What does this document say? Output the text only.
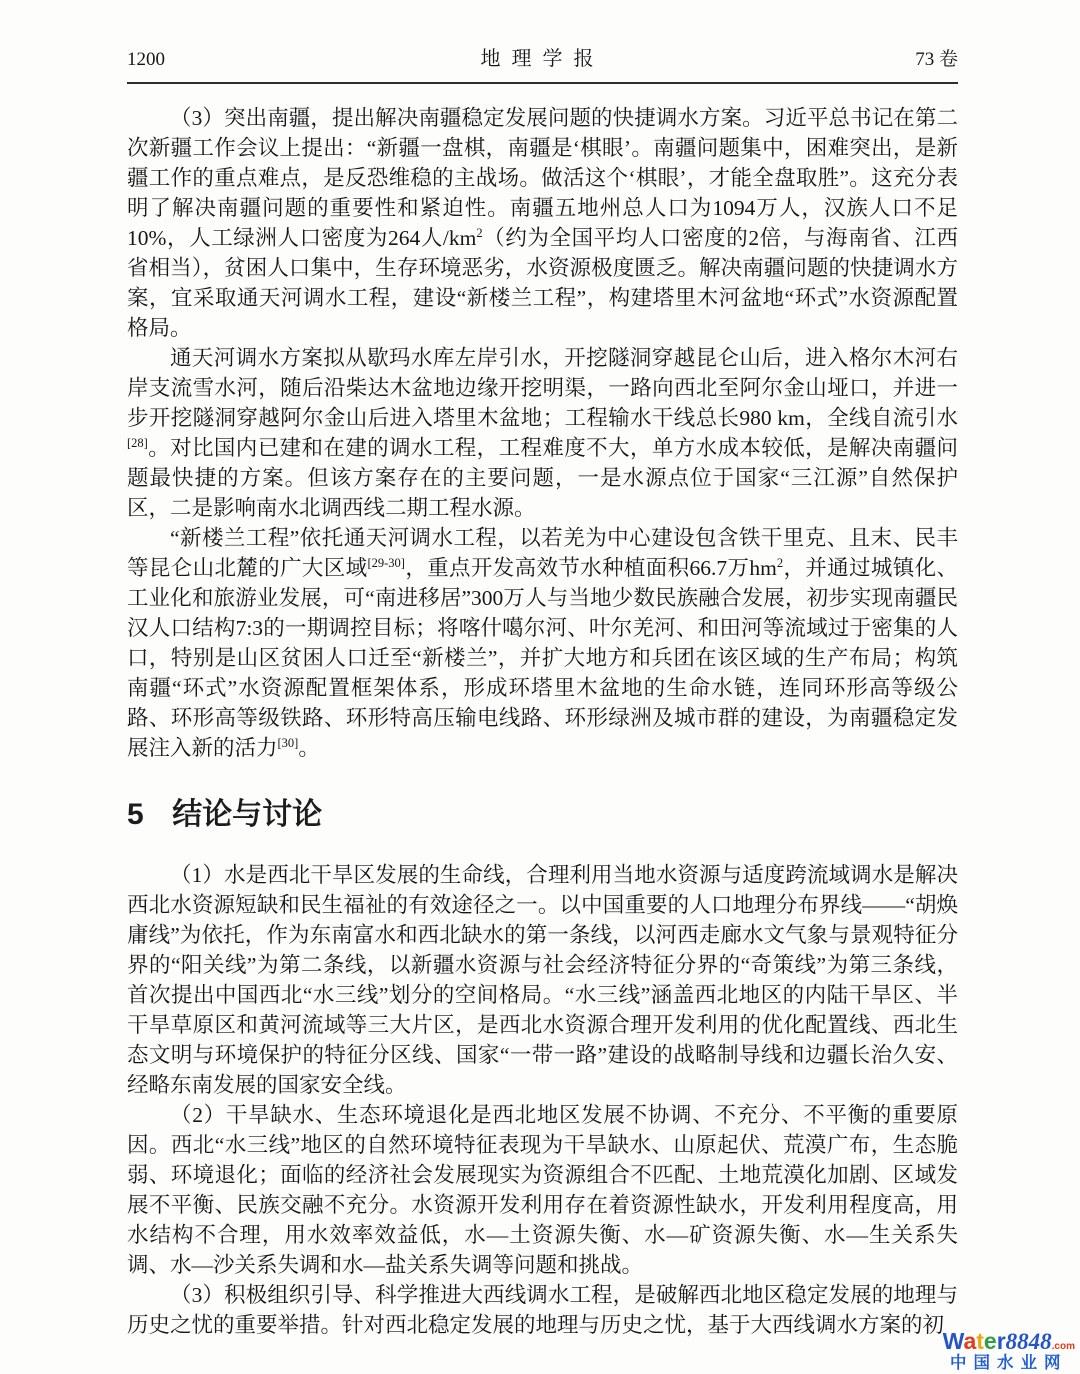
1200	地理学报	73 卷

（3）突出南疆，提出解决南疆稳定发展问题的快捷调水方案。习近平总书记在第二次新疆工作会议上提出：“新疆一盘棋，南疆是‘棋眼’。南疆问题集中，困难突出，是新疆工作的重点难点，是反恐维稳的主战场。做活这个‘棋眼’，才能全盘取胜”。这充分表明了解决南疆问题的重要性和紧迫性。南疆五地州总人口为1094万人，汉族人口不足10%，人工绿洲人口密度为264人$/km^2$（约为全国平均人口密度的2倍，与海南省、江西省相当），贫困人口集中，生存环境恶劣，水资源极度匮乏。解决南疆问题的快捷调水方案，宜采取通天河调水工程，建设“新楼兰工程”，构建塔里木河盆地“环式”水资源配置格局。

通天河调水方案拟从歇玛水库左岸引水，开挖隧洞穿越昆仑山后，进入格尔木河右岸支流雪水河，随后沿柴达木盆地边缘开挖明渠，一路向西北至阿尔金山垭口，并进一步开挖隧洞穿越阿尔金山后进入塔里木盆地；工程输水干线总长980 km，全线自流引水[28]。对比国内已建和在建的调水工程，工程难度不大，单方水成本较低，是解决南疆问题最快捷的方案。但该方案存在的主要问题，一是水源点位于国家“三江源”自然保护区，二是影响南水北调西线二期工程水源。

“新楼兰工程”依托通天河调水工程，以若羌为中心建设包含铁干里克、且末、民丰等昆仑山北麓的广大区域[29-30]，重点开发高效节水种植面积66.7万$hm^2$，并通过城镇化、工业化和旅游业发展，可“南进移居”300万人与当地少数民族融合发展，初步实现南疆民汉人口结构7:3的一期调控目标；将喀什噶尔河、叶尔羌河、和田河等流域过于密集的人口，特别是山区贫困人口迁至“新楼兰”，并扩大地方和兵团在该区域的生产布局；构筑南疆“环式”水资源配置框架体系，形成环塔里木盆地的生命水链，连同环形高等级公路、环形高等级铁路、环形特高压输电线路、环形绿洲及城市群的建设，为南疆稳定发展注入新的活力[30]。

5 结论与讨论

（1）水是西北干旱区发展的生命线，合理利用当地水资源与适度跨流域调水是解决西北水资源短缺和民生福祉的有效途径之一。以中国重要的人口地理分布界线——“胡焕庸线”为依托，作为东南富水和西北缺水的第一条线，以河西走廊水文气象与景观特征分界的“阳关线”为第二条线，以新疆水资源与社会经济特征分界的“奇策线”为第三条线，首次提出中国西北“水三线”划分的空间格局。“水三线”涵盖西北地区的内陆干旱区、半干旱草原区和黄河流域等三大片区，是西北水资源合理开发利用的优化配置线、西北生态文明与环境保护的特征分区线、国家“一带一路”建设的战略制导线和边疆长治久安、经略东南发展的国家安全线。

（2）干旱缺水、生态环境退化是西北地区发展不协调、不充分、不平衡的重要原因。西北“水三线”地区的自然环境特征表现为干旱缺水、山原起伏、荒漠广布，生态脆弱、环境退化；面临的经济社会发展现实为资源组合不匹配、土地荒漠化加剧、区域发展不平衡、民族交融不充分。水资源开发利用存在着资源性缺水，开发利用程度高，用水结构不合理，用水效率效益低，水—土资源失衡、水—矿资源失衡、水—生关系失调、水—沙关系失调和水—盐关系失调等问题和挑战。

（3）积极组织引导、科学推进大西线调水工程，是破解西北地区稳定发展的地理与历史之忧的重要举措。针对西北稳定发展的地理与历史之忧，基于大西线调水方案的初

Water8848.com
中国水业网
